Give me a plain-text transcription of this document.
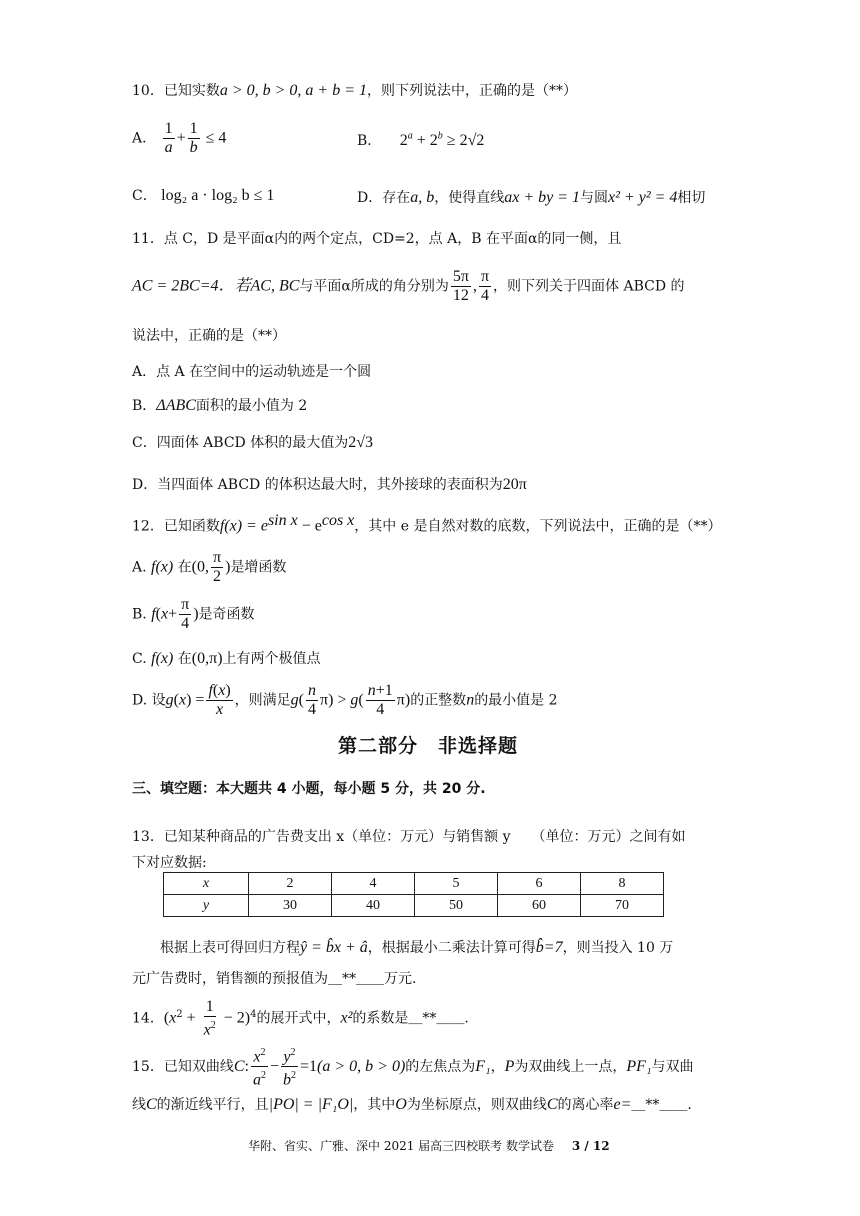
10．已知实数a > 0, b > 0, a + b = 1，则下列说法中，正确的是（**）
A． $\frac{1}{a} + \frac{1}{b} \le 4$	B． $2^a + 2^b \ge 2√2$
C． log₂ a · log₂ b ≤ 1	D．存在a, b，使得直线ax + by = 1与圆x² + y² = 4相切
11．点 C，D 是平面α内的两个定点，CD=2，点 A，B 在平面α的同一侧，且
AC = 2BC=4．若AC, BC与平面α所成的角分别为 $\frac{5\pi}{12}$ , $\frac{\pi}{4}$ ，则下列关于四面体 ABCD 的
说法中，正确的是（**）
A．点 A 在空间中的运动轨迹是一个圆
B．ΔABC面积的最小值为 2
C．四面体 ABCD 体积的最大值为2√3
D．当四面体 ABCD 的体积达最大时，其外接球的表面积为20π
12．已知函数$f(x) = e^{sin x} - e^{cos x}$，其中 e 是自然对数的底数，下列说法中，正确的是（**）
A. f(x) 在(0, $\frac{\pi}{2}$ )是增函数
B. $f(x+ \frac{\pi}{4}$ )是奇函数
C. f(x) 在(0,π)上有两个极值点
D. 设$g(x) = \frac{f(x)}{x}$ ，则满足$g( \frac{n}{4} \pi) > g( \frac{n+1}{4} \pi)$的正整数n的最小值是 2
第二部分　非选择题
三、填空题：本大题共 4 小题，每小题 5 分，共 20 分.
13．已知某种商品的广告费支出 x（单位：万元）与销售额 y　　（单位：万元）之间有如
下对应数据:
x	2	4	5	6	8
y	30	40	50	60	70
根据上表可得回归方程ŷ = b̂x + â，根据最小二乘法计算可得b̂=7，则当投入 10 万
元广告费时，销售额的预报值为＿**＿＿万元.
14．$(x^2 + \frac{1}{x^2} - 2)^4$的展开式中，x²的系数是＿**＿＿.
15．已知双曲线C: $\frac{x^2}{a^2} - \frac{y^2}{b^2} =1(a > 0$, b > 0)的左焦点为F₁，P为双曲线上一点，PF₁与双曲
线C的渐近线平行，且|PO| = |F₁O|，其中O为坐标原点，则双曲线C的离心率e=＿**＿＿.
华附、省实、广雅、深中 2021 届高三四校联考 数学试卷 3 / 12
